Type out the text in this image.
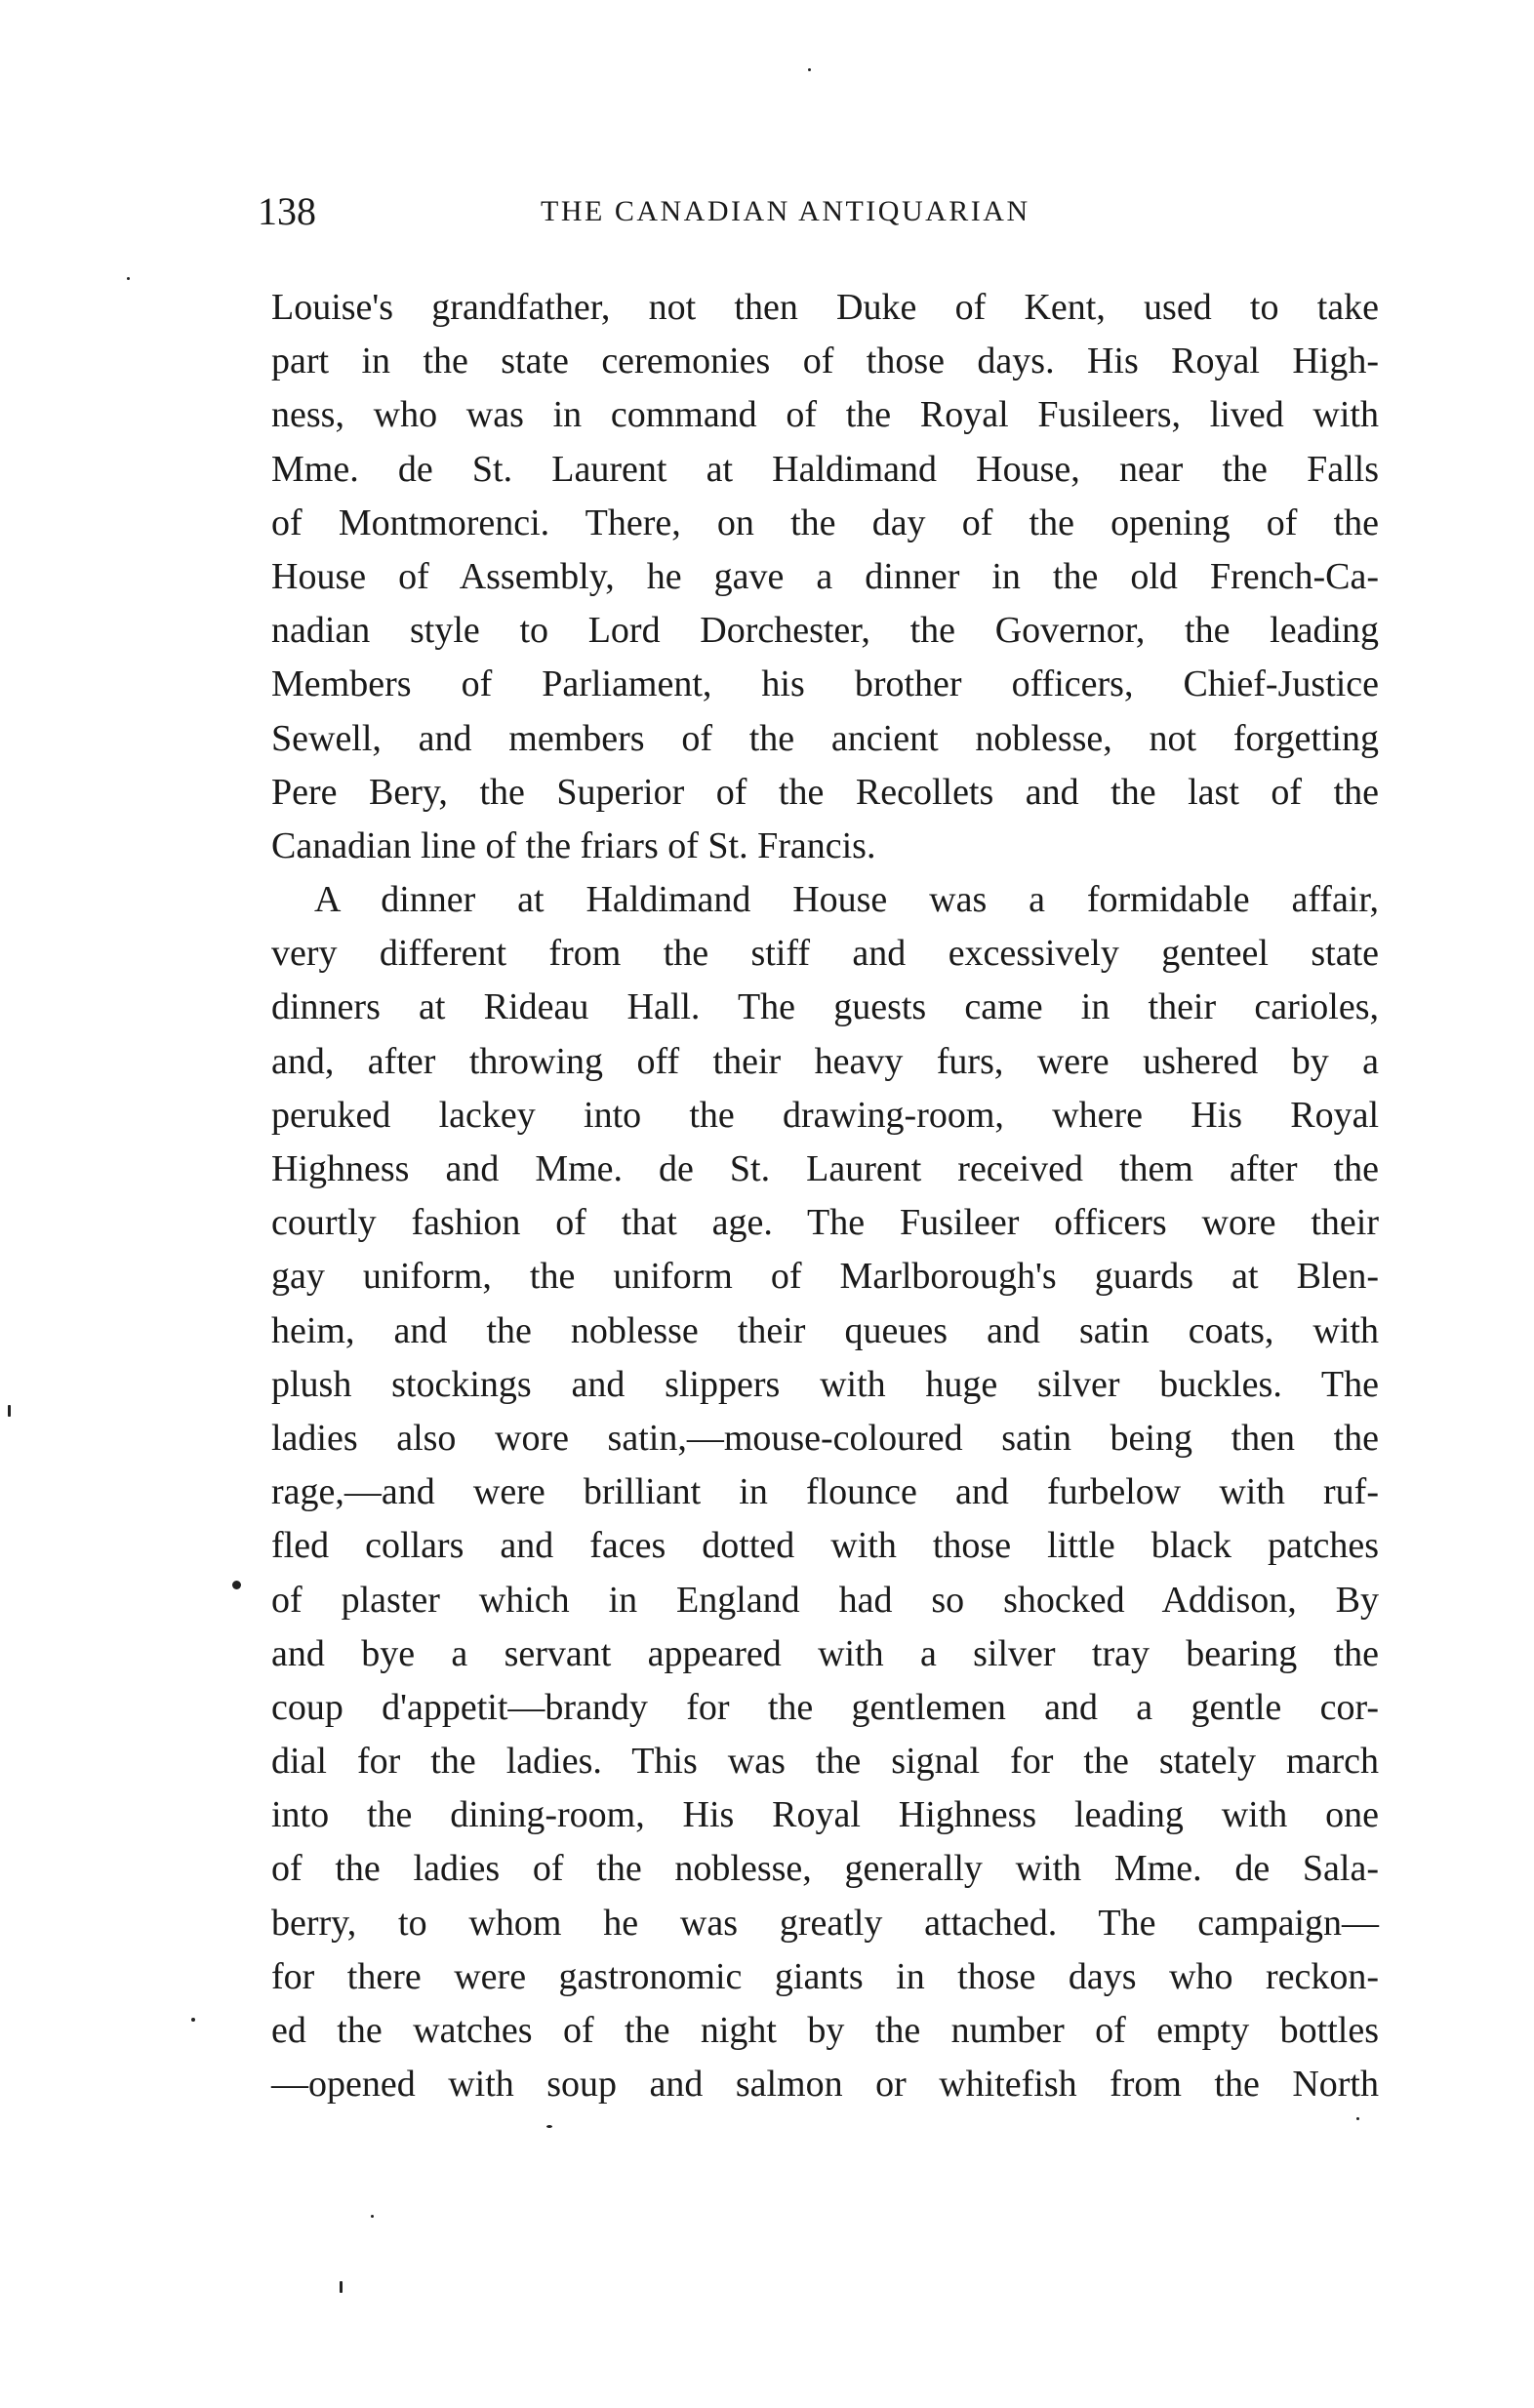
138	THE CANADIAN ANTIQUARIAN
Louise's grandfather, not then Duke of Kent, used to take
part in the state ceremonies of those days. His Royal High-
ness, who was in command of the Royal Fusileers, lived with
Mme. de St. Laurent at Haldimand House, near the Falls
of Montmorenci. There, on the day of the opening of the
House of Assembly, he gave a dinner in the old French-Ca-
nadian style to Lord Dorchester, the Governor, the leading
Members of Parliament, his brother officers, Chief-Justice
Sewell, and members of the ancient noblesse, not forgetting
Pere Bery, the Superior of the Recollets and the last of the
Canadian line of the friars of St. Francis.
A dinner at Haldimand House was a formidable affair,
very different from the stiff and excessively genteel state
dinners at Rideau Hall. The guests came in their carioles,
and, after throwing off their heavy furs, were ushered by a
peruked lackey into the drawing-room, where His Royal
Highness and Mme. de St. Laurent received them after the
courtly fashion of that age. The Fusileer officers wore their
gay uniform, the uniform of Marlborough's guards at Blen-
heim, and the noblesse their queues and satin coats, with
plush stockings and slippers with huge silver buckles. The
ladies also wore satin,—mouse-coloured satin being then the
rage,—and were brilliant in flounce and furbelow with ruf-
fled collars and faces dotted with those little black patches
of plaster which in England had so shocked Addison, By
and bye a servant appeared with a silver tray bearing the
coup d'appetit—brandy for the gentlemen and a gentle cor-
dial for the ladies. This was the signal for the stately march
into the dining-room, His Royal Highness leading with one
of the ladies of the noblesse, generally with Mme. de Sala-
berry, to whom he was greatly attached. The campaign—
for there were gastronomic giants in those days who reckon-
ed the watches of the night by the number of empty bottles
—opened with soup and salmon or whitefish from the North
